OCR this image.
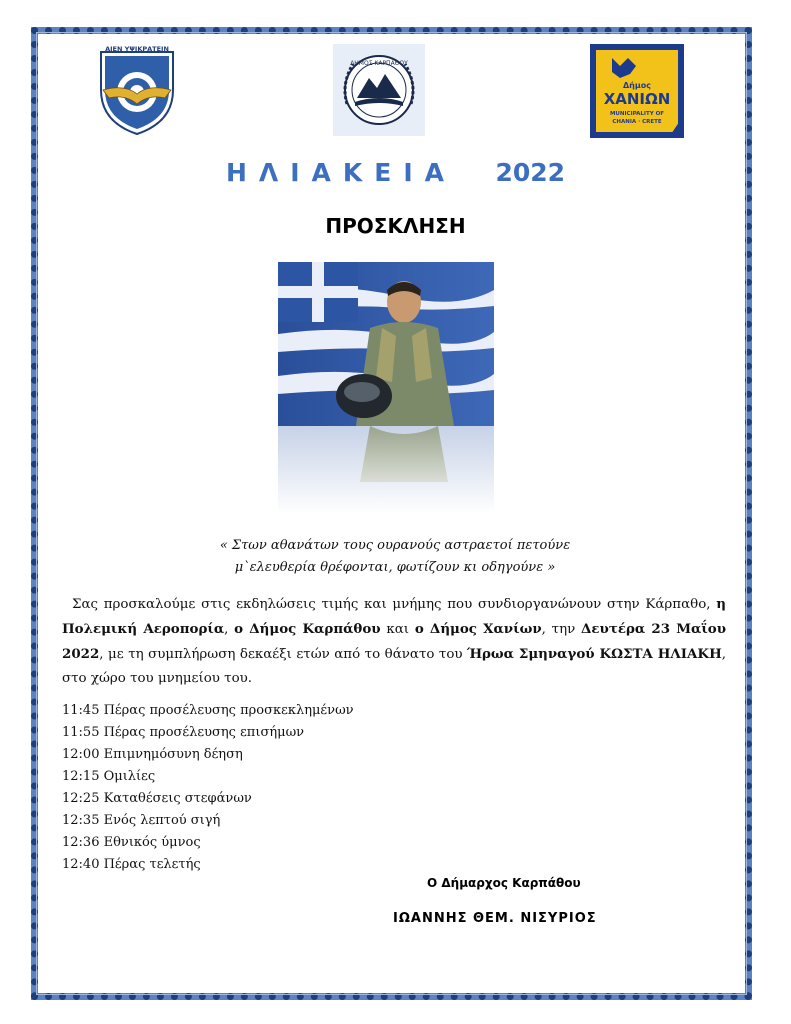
ΑΙΕΝ ΥΨΙΚΡΑΤΕΙΝ
ΔΗΜΟΣ ΚΑΡΠΑΘΟΥ
Δήμος
ΧΑΝΙΩΝ
MUNICIPALITY OF
CHANIA · CRETE
ΗΛΙΑΚΕΙΑ 2022
ΠΡΟΣΚΛΗΣΗ
« Στων αθανάτων τους ουρανούς αστραετοί πετούνε
μ`ελευθερία θρέφονται, φωτίζουν κι οδηγούνε »

Σας προσκαλούμε στις εκδηλώσεις τιμής και μνήμης που συνδιοργανώνουν στην Κάρπαθο, η Πολεμική Αεροπορία, ο Δήμος Καρπάθου και ο Δήμος Χανίων, την Δευτέρα 23 Μαΐου 2022, με τη συμπλήρωση δεκαέξι ετών από το θάνατο του Ήρωα Σμηναγού ΚΩΣΤΑ ΗΛΙΑΚΗ, στο χώρο του μνημείου του.

11:45 Πέρας προσέλευσης προσκεκλημένων
11:55 Πέρας προσέλευσης επισήμων
12:00 Επιμνημόσυνη δέηση
12:15 Ομιλίες
12:25 Καταθέσεις στεφάνων
12:35 Ενός λεπτού σιγή
12:36 Εθνικός ύμνος
12:40 Πέρας τελετής
Ο Δήμαρχος Καρπάθου
ΙΩΑΝΝΗΣ ΘΕΜ. ΝΙΣΥΡΙΟΣ
